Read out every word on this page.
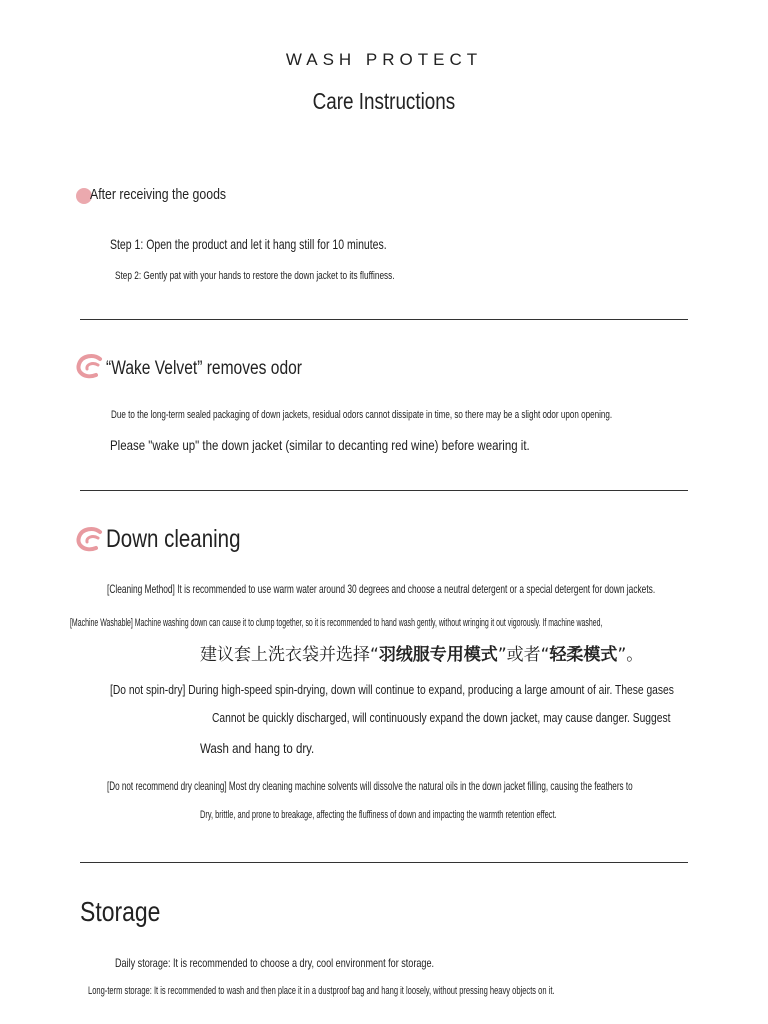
WASH PROTECT
Care Instructions
After receiving the goods
Step 1: Open the product and let it hang still for 10 minutes.
Step 2: Gently pat with your hands to restore the down jacket to its fluffiness.
“Wake Velvet” removes odor
Due to the long-term sealed packaging of down jackets, residual odors cannot dissipate in time, so there may be a slight odor upon opening.
Please "wake up" the down jacket (similar to decanting red wine) before wearing it.
Down cleaning
[Cleaning Method] It is recommended to use warm water around 30 degrees and choose a neutral detergent or a special detergent for down jackets.
[Machine Washable] Machine washing down can cause it to clump together, so it is recommended to hand wash gently, without wringing it out vigorously. If machine washed,
建议套上洗衣袋并选择“羽绒服专用模式”或者“轻柔模式”。
[Do not spin-dry] During high-speed spin-drying, down will continue to expand, producing a large amount of air. These gases
Cannot be quickly discharged, will continuously expand the down jacket, may cause danger. Suggest
Wash and hang to dry.
[Do not recommend dry cleaning] Most dry cleaning machine solvents will dissolve the natural oils in the down jacket filling, causing the feathers to
Dry, brittle, and prone to breakage, affecting the fluffiness of down and impacting the warmth retention effect.
Storage
Daily storage: It is recommended to choose a dry, cool environment for storage.
Long-term storage: It is recommended to wash and then place it in a dustproof bag and hang it loosely, without pressing heavy objects on it.
